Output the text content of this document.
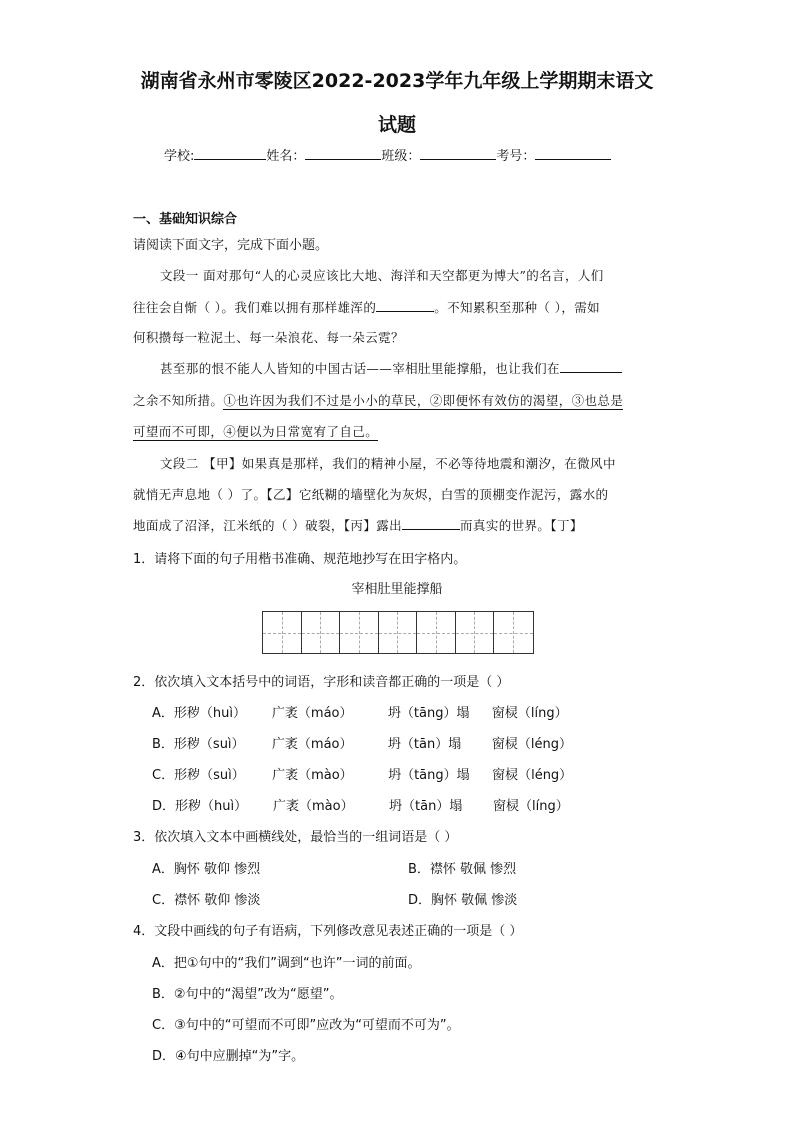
湖南省永州市零陵区2022-2023学年九年级上学期期末语文
试题
学校:	姓名：	班级：	考号：
一、基础知识综合
请阅读下面文字，完成下面小题。
文段一 面对那句“人的心灵应该比大地、海洋和天空都更为博大”的名言，人们
往往会自惭（ ）。我们难以拥有那样雄浑的	。不知累积至那种（ ），需如
何积攒每一粒泥土、每一朵浪花、每一朵云霓？
甚至那的恨不能人人皆知的中国古话——宰相肚里能撑船，也让我们在
之余不知所措。①也许因为我们不过是小小的草民，②即便怀有效仿的渴望，③也总是
可望而不可即，④便以为日常宽宥了自己。
文段二 【甲】如果真是那样，我们的精神小屋，不必等待地震和潮汐，在微风中
就悄无声息地（ ）了。【乙】它纸糊的墙壁化为灰烬，白雪的顶棚变作泥污，露水的
地面成了沼泽，江米纸的（ ）破裂，【丙】露出	而真实的世界。【丁】
1．请将下面的句子用楷书准确、规范地抄写在田字格内。
宰相肚里能撑船
2．依次填入文本括号中的词语，字形和读音都正确的一项是（ ）
A．形秽（huì） 广袤（máo）	坍（tāng）塌 窗棂（líng）
B．形秽（suì） 广袤（máo）	坍（tān）塌 窗棂（léng）
C．形秽（suì） 广袤（mào）	坍（tāng）塌 窗棂（léng）
D．形秽（huì） 广袤（mào）	坍（tān）塌 窗棂（líng）
3．依次填入文本中画横线处，最恰当的一组词语是（ ）
A．胸怀 敬仰 惨烈	B．襟怀 敬佩 惨烈
C．襟怀 敬仰 惨淡	D．胸怀 敬佩 惨淡
4．文段中画线的句子有语病，下列修改意见表述正确的一项是（ ）
A．把①句中的“我们”调到“也许”一词的前面。
B．②句中的“渴望”改为“愿望”。
C．③句中的“可望而不可即”应改为“可望而不可为”。
D．④句中应删掉“为”字。
